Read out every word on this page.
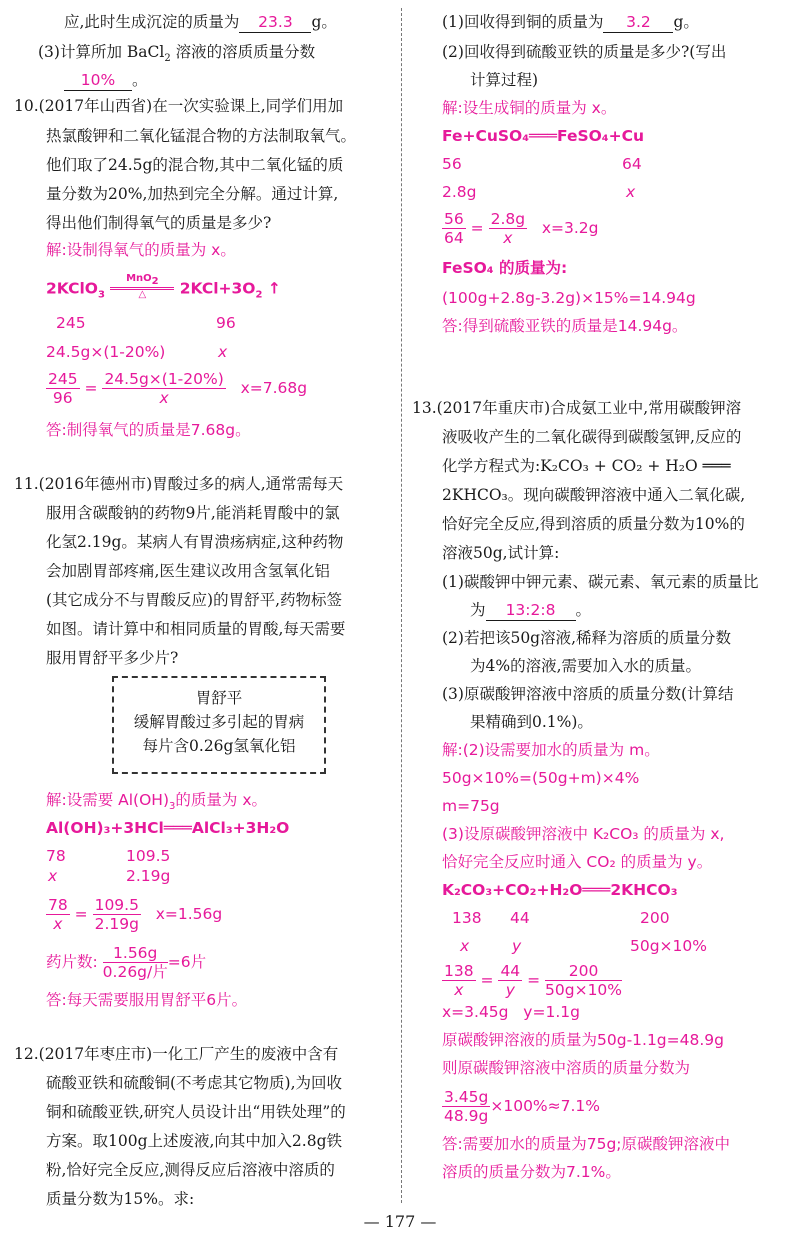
应,此时生成沉淀的质量为 23.3 g。
(3)计算所加 BaCl$_2$ 溶液的溶质质量分数
10% 。
10.(2017年山西省)在一次实验课上,同学们用加
热氯酸钾和二氧化锰混合物的方法制取氧气。
他们取了24.5g的混合物,其中二氧化锰的质
量分数为20%,加热到完全分解。通过计算,
得出他们制得氧气的质量是多少?
解:设制得氧气的质量为 x。
2KClO$_3$
MnO$_2$
△	$2KCl+3O_2$ ↑
245	96
24.5g×(1-20%)	x
$\frac{245}{96} = \frac{24.5g\times(1-20\%)}{x} x=7.68g$
答:制得氧气的质量是7.68g。
11.(2016年德州市)胃酸过多的病人,通常需每天
服用含碳酸钠的药物9片,能消耗胃酸中的氯
化氢2.19g。某病人有胃溃疡病症,这种药物
会加剧胃部疼痛,医生建议改用含氢氧化铝
(其它成分不与胃酸反应)的胃舒平,药物标签
如图。请计算中和相同质量的胃酸,每天需要
服用胃舒平多少片?
胃舒平
缓解胃酸过多引起的胃病
每片含0.26g氢氧化铝
解:设需要 $Al(OH)_3$的质量为 x。
Al(OH)₃+3HCl═══AlCl₃+3H₂O
78	109.5
x	2.19g
$\frac{78}{x} = \frac{109.5}{2.19g} x=1.56g$
药片数: 1.56g
0.26g/片
=6片
答:每天需要服用胃舒平6片。
12.(2017年枣庄市)一化工厂产生的废液中含有
硫酸亚铁和硫酸铜(不考虑其它物质),为回收
铜和硫酸亚铁,研究人员设计出“用铁处理”的
方案。取100g上述废液,向其中加入2.8g铁
粉,恰好完全反应,测得反应后溶液中溶质的
质量分数为15%。求:
(1)回收得到铜的质量为 3.2 g。
(2)回收得到硫酸亚铁的质量是多少?(写出
计算过程)
解:设生成铜的质量为 x。
Fe+CuSO₄═══FeSO₄+Cu
56	64
2.8g	x
$\frac{56}{64} = \frac{2.8g}{x} x=3.2g$
FeSO₄ 的质量为:
(100g+2.8g-3.2g)×15%=14.94g
答:得到硫酸亚铁的质量是14.94g。
13.(2017年重庆市)合成氨工业中,常用碳酸钾溶
液吸收产生的二氧化碳得到碳酸氢钾,反应的
化学方程式为:K₂CO₃ + CO₂ + H₂O ═══
2KHCO₃。现向碳酸钾溶液中通入二氧化碳,
恰好完全反应,得到溶质的质量分数为10%的
溶液50g,试计算:
(1)碳酸钾中钾元素、碳元素、氧元素的质量比
为 13:2:8 。
(2)若把该50g溶液,稀释为溶质的质量分数
为4%的溶液,需要加入水的质量。
(3)原碳酸钾溶液中溶质的质量分数(计算结
果精确到0.1%)。
解:(2)设需要加水的质量为 m。
50g×10%=(50g+m)×4%
m=75g
(3)设原碳酸钾溶液中 K₂CO₃ 的质量为 x,
恰好完全反应时通入 CO₂ 的质量为 y。
K₂CO₃+CO₂+H₂O═══2KHCO₃
138 44	200
x	y	50g×10%
$\frac{138}{x} = \frac{44}{y} = \frac{200}{50g\times 10\%}$
x=3.45g   y=1.1g
原碳酸钾溶液的质量为50g-1.1g=48.9g
则原碳酸钾溶液中溶质的质量分数为
$\frac{3.45g}{48.9g} \times 100\%\approx 7.1\%$
答:需要加水的质量为75g;原碳酸钾溶液中
溶质的质量分数为7.1%。
— 177 —
